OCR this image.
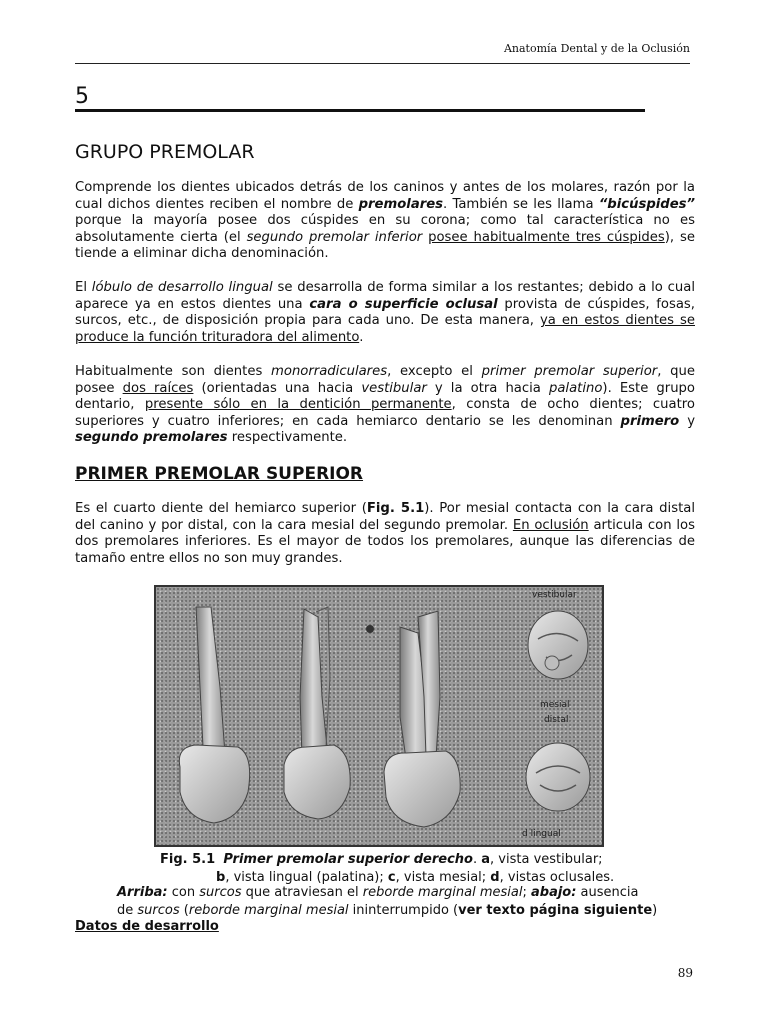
Anatomía Dental y de la Oclusión
5
GRUPO PREMOLAR

Comprende los dientes ubicados detrás de los caninos y antes de los molares, razón por la cual dichos dientes reciben el nombre de premolares. También se les llama “bicúspides” porque la mayoría posee dos cúspides en su corona; como tal característica no es absolutamente cierta (el segundo premolar inferior posee habitualmente tres cúspides), se tiende a eliminar dicha denominación.

El lóbulo de desarrollo lingual se desarrolla de forma similar a los restantes; debido a lo cual aparece ya en estos dientes una cara o superficie oclusal provista de cúspides, fosas, surcos, etc., de disposición propia para cada uno. De esta manera, ya en estos dientes se produce la función trituradora del alimento.

Habitualmente son dientes monorradiculares, excepto el primer premolar superior, que posee dos raíces (orientadas una hacia vestibular y la otra hacia palatino). Este grupo dentario, presente sólo en la dentición permanente, consta de ocho dientes; cuatro superiores y cuatro inferiores; en cada hemiarco dentario se les denominan primero y segundo premolares respectivamente.

PRIMER PREMOLAR SUPERIOR

Es el cuarto diente del hemiarco superior (Fig. 5.1). Por mesial contacta con la cara distal del canino y por distal, con la cara mesial del segundo premolar. En oclusión articula con los dos premolares inferiores. Es el mayor de todos los premolares, aunque las diferencias de tamaño entre ellos no son muy grandes.

vestibular
mesial
distal
d lingual
Fig. 5.1 Primer premolar superior derecho. a, vista vestibular;
b, vista lingual (palatina); c, vista mesial; d, vistas oclusales.
Arriba: con surcos que atraviesan el reborde marginal mesial; abajo: ausencia
de surcos (reborde marginal mesial ininterrumpido (ver texto página siguiente)
Datos de desarrollo
89
